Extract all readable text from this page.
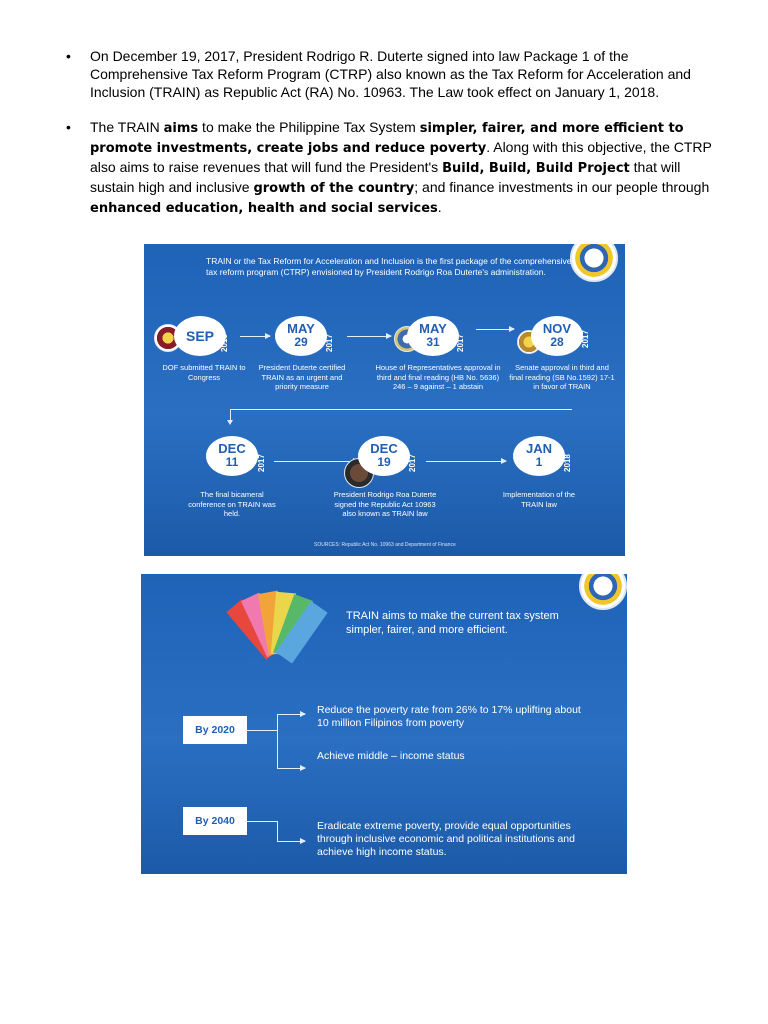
• On December 19, 2017, President Rodrigo R. Duterte signed into law Package 1 of the Comprehensive Tax Reform Program (CTRP) also known as the Tax Reform for Acceleration and Inclusion (TRAIN) as Republic Act (RA) No. 10963. The Law took effect on January 1, 2018.
• The TRAIN aims to make the Philippine Tax System simpler, fairer, and more efficient to promote investments, create jobs and reduce poverty. Along with this objective, the CTRP also aims to raise revenues that will fund the President's Build, Build, Build Project that will sustain high and inclusive growth of the country; and finance investments in our people through enhanced education, health and social services.
TRAIN or the Tax Reform for Acceleration and Inclusion is the first package of the comprehensive tax reform program (CTRP) envisioned by President Rodrigo Roa Duterte's administration.
SEP 2016
DOF submitted TRAIN to Congress
MAY
29	2017
President Duterte certified TRAIN as an urgent and priority measure
MAY
31	2017
House of Representatives approval in third and final reading (HB No. 5636) 246 – 9 against – 1 abstain
NOV
28	2017
Senate approval in third and final reading (SB No.1592) 17-1 in favor of TRAIN
DEC
11	2017
The final bicameral conference on TRAIN was held.
DEC
19	2017
President Rodrigo Roa Duterte signed the Republic Act 10963 also known as TRAIN law
JAN
1	2018
Implementation of the TRAIN law
SOURCES: Republic Act No. 10963 and Department of Finance
TRAIN aims to make the current tax system simpler, fairer, and more efficient.
By 2020
Reduce the poverty rate from 26% to 17% uplifting about 10 million Filipinos from poverty
Achieve middle – income status
By 2040	Eradicate extreme poverty, provide equal opportunities through inclusive economic and political institutions and achieve high income status.
